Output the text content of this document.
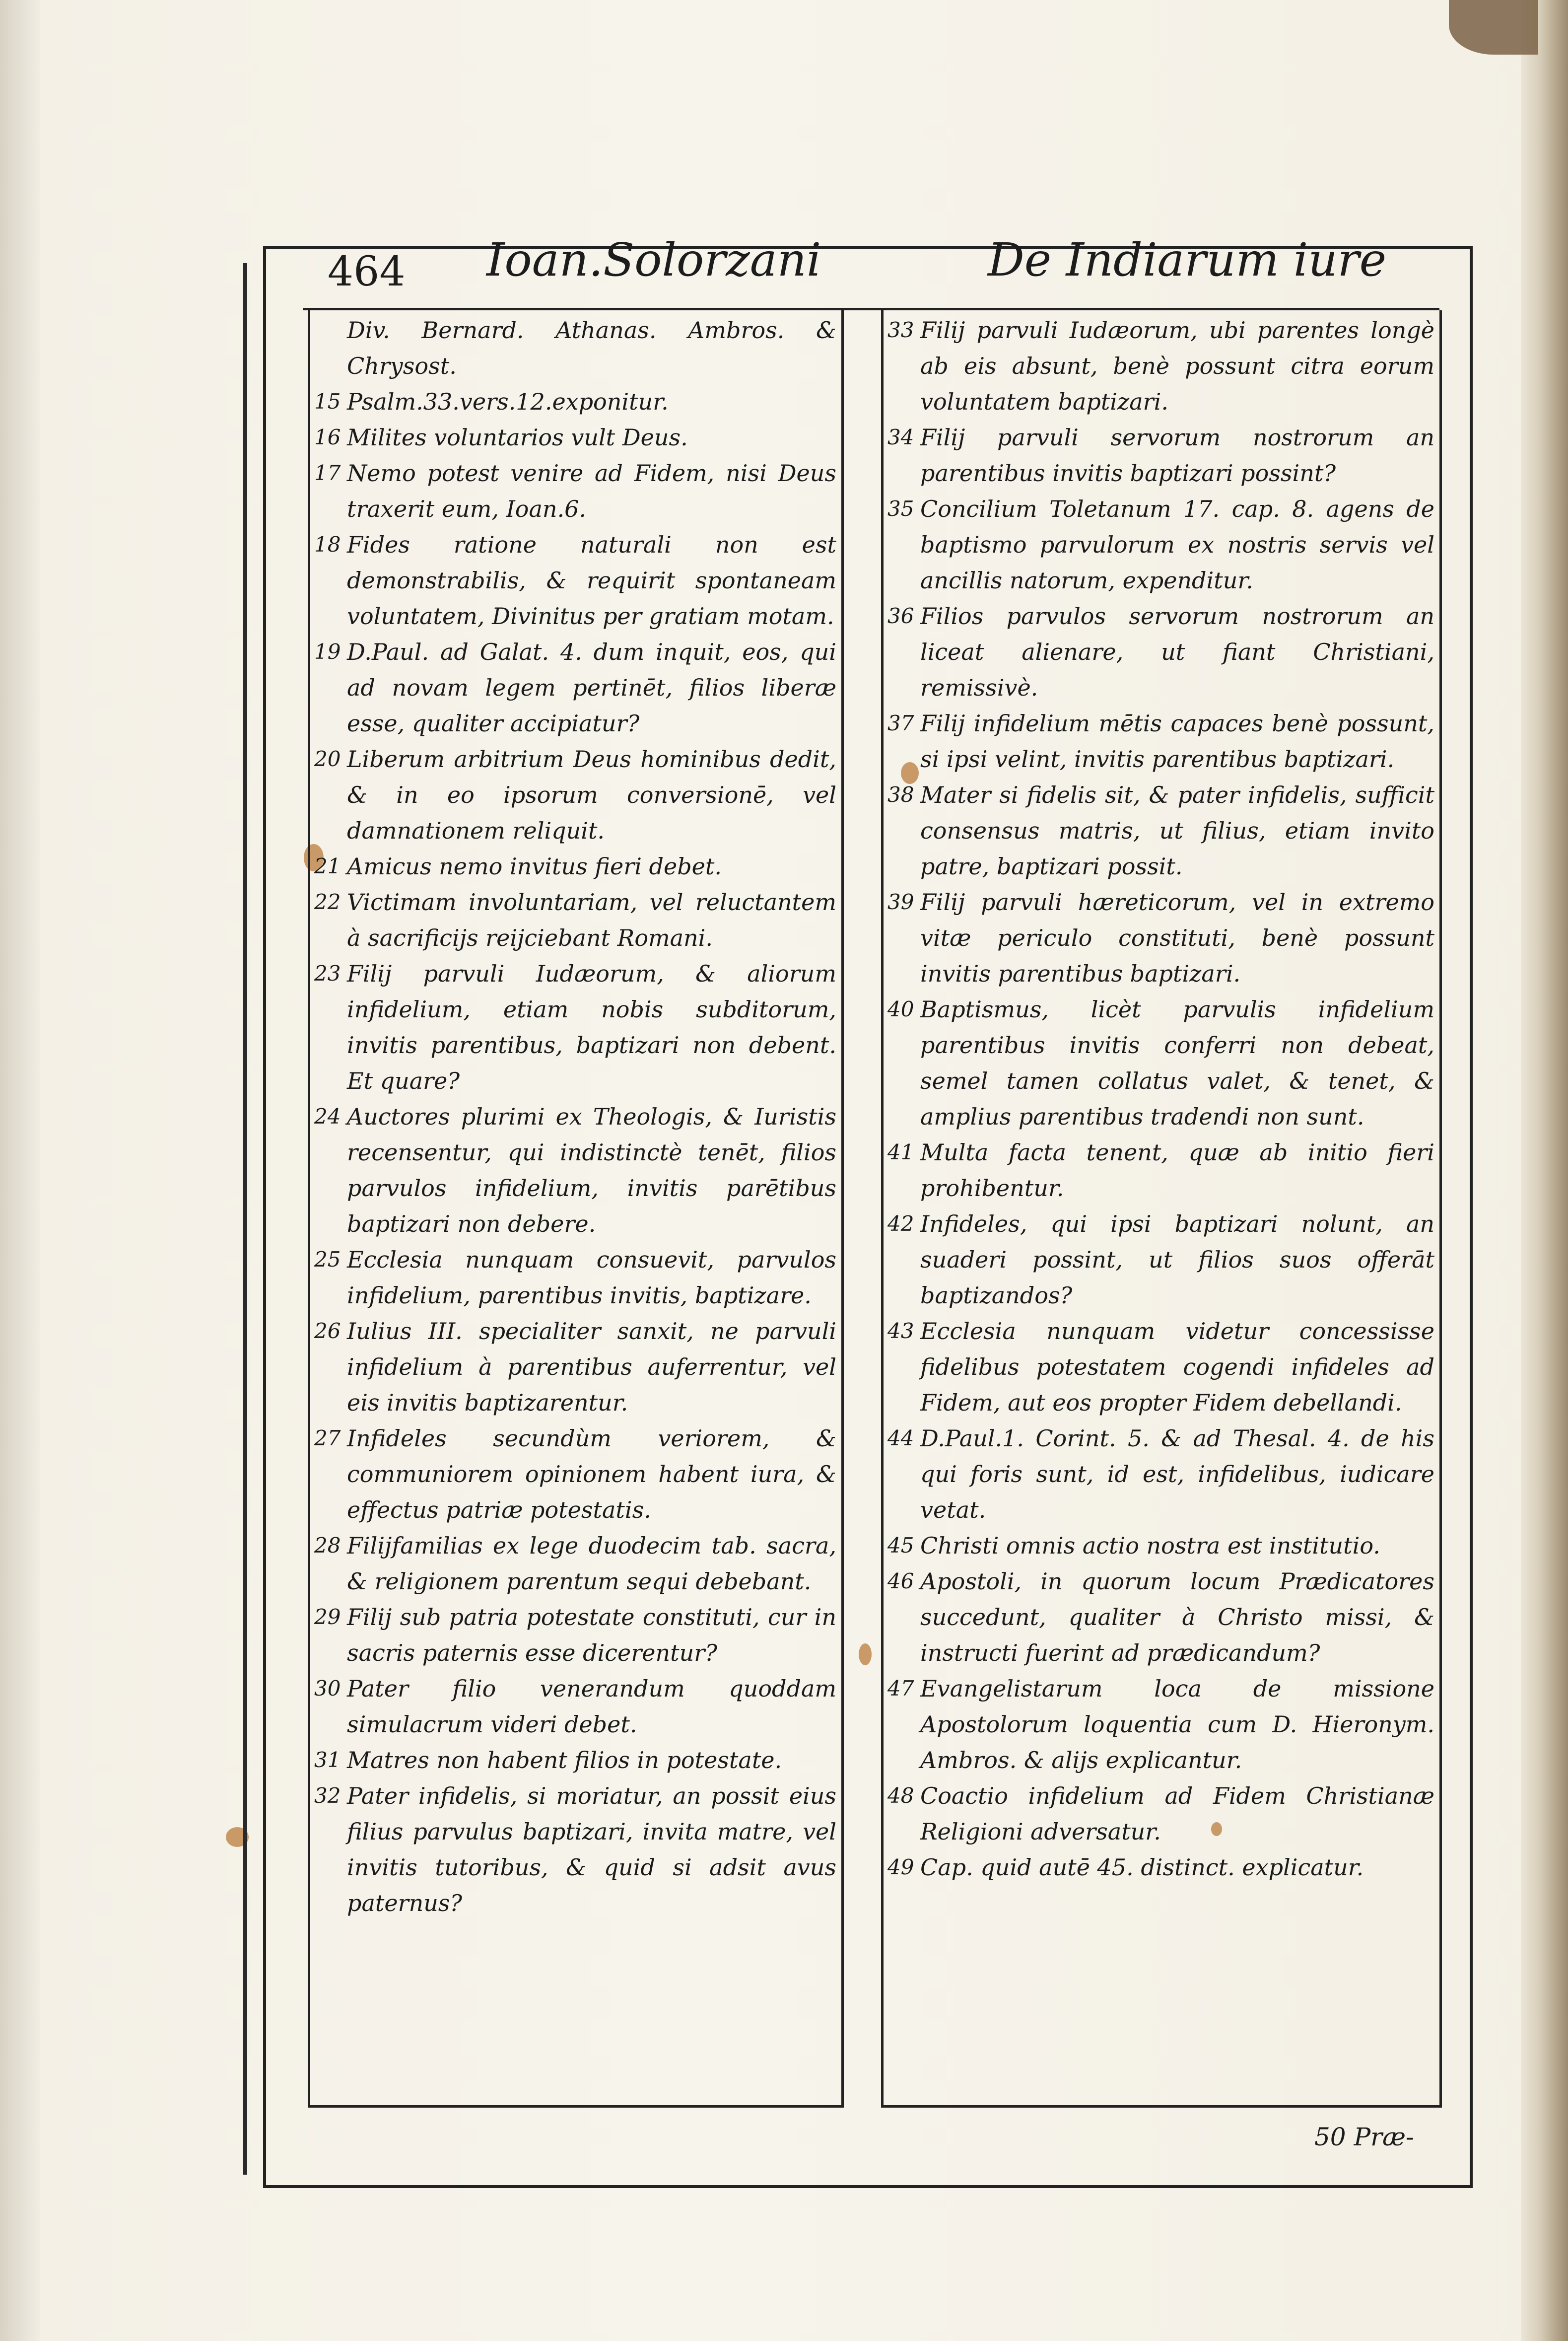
464 Ioan.Solorzani	De Indiarum iure
Div. Bernard. Athanas. Ambros. & Chrysost.
15 Psalm.33.vers.12.exponitur.
16 Milites voluntarios vult Deus.
17 Nemo potest venire ad Fidem, nisi Deus traxerit eum, Ioan.6.
18 Fides ratione naturali non est demonstrabilis, & requirit spontaneam voluntatem, Divinitus per gratiam motam.
19 D.Paul. ad Galat. 4. dum inquit, eos, qui ad novam legem pertinēt, filios liberæ esse, qualiter accipiatur?
20 Liberum arbitrium Deus hominibus dedit, & in eo ipsorum conversionē, vel damnationem reliquit.
21 Amicus nemo invitus fieri debet.
22 Victimam involuntariam, vel reluctantem à sacrificijs reijciebant Romani.
23 Filij parvuli Iudæorum, & aliorum infidelium, etiam nobis subditorum, invitis parentibus, baptizari non debent. Et quare?
24 Auctores plurimi ex Theologis, & Iuristis recensentur, qui indistinctè tenēt, filios parvulos infidelium, invitis parētibus baptizari non debere.
25 Ecclesia nunquam consuevit, parvulos infidelium, parentibus invitis, baptizare.
26 Iulius III. specialiter sanxit, ne parvuli infidelium à parentibus auferrentur, vel eis invitis baptizarentur.
27 Infideles secundùm veriorem, & communiorem opinionem habent iura, & effectus patriæ potestatis.
28 Filijfamilias ex lege duodecim tab. sacra, & religionem parentum sequi debebant.
29 Filij sub patria potestate constituti, cur in sacris paternis esse dicerentur?
30 Pater filio venerandum quoddam simulacrum videri debet.
31 Matres non habent filios in potestate.
32 Pater infidelis, si moriatur, an possit eius filius parvulus baptizari, invita matre, vel invitis tutoribus, & quid si adsit avus paternus?
33 Filij parvuli Iudæorum, ubi parentes longè ab eis absunt, benè possunt citra eorum voluntatem baptizari.
34 Filij parvuli servorum nostrorum an parentibus invitis baptizari possint?
35 Concilium Toletanum 17. cap. 8. agens de baptismo parvulorum ex nostris servis vel ancillis natorum, expenditur.
36 Filios parvulos servorum nostrorum an liceat alienare, ut fiant Christiani, remissivè.
37 Filij infidelium mētis capaces benè possunt, si ipsi velint, invitis parentibus baptizari.
38 Mater si fidelis sit, & pater infidelis, sufficit consensus matris, ut filius, etiam invito patre, baptizari possit.
39 Filij parvuli hæreticorum, vel in extremo vitæ periculo constituti, benè possunt invitis parentibus baptizari.
40 Baptismus, licèt parvulis infidelium parentibus invitis conferri non debeat, semel tamen collatus valet, & tenet, & amplius parentibus tradendi non sunt.
41 Multa facta tenent, quæ ab initio fieri prohibentur.
42 Infideles, qui ipsi baptizari nolunt, an suaderi possint, ut filios suos offerāt baptizandos?
43 Ecclesia nunquam videtur concessisse fidelibus potestatem cogendi infideles ad Fidem, aut eos propter Fidem debellandi.
44 D.Paul.1. Corint. 5. & ad Thesal. 4. de his qui foris sunt, id est, infidelibus, iudicare vetat.
45 Christi omnis actio nostra est institutio.
46 Apostoli, in quorum locum Prædicatores succedunt, qualiter à Christo missi, & instructi fuerint ad prædicandum?
47 Evangelistarum loca de missione Apostolorum loquentia cum D. Hieronym. Ambros. & alijs explicantur.
48 Coactio infidelium ad Fidem Christianæ Religioni adversatur.
49 Cap. quid autē 45. distinct. explicatur.
50 Præ-
